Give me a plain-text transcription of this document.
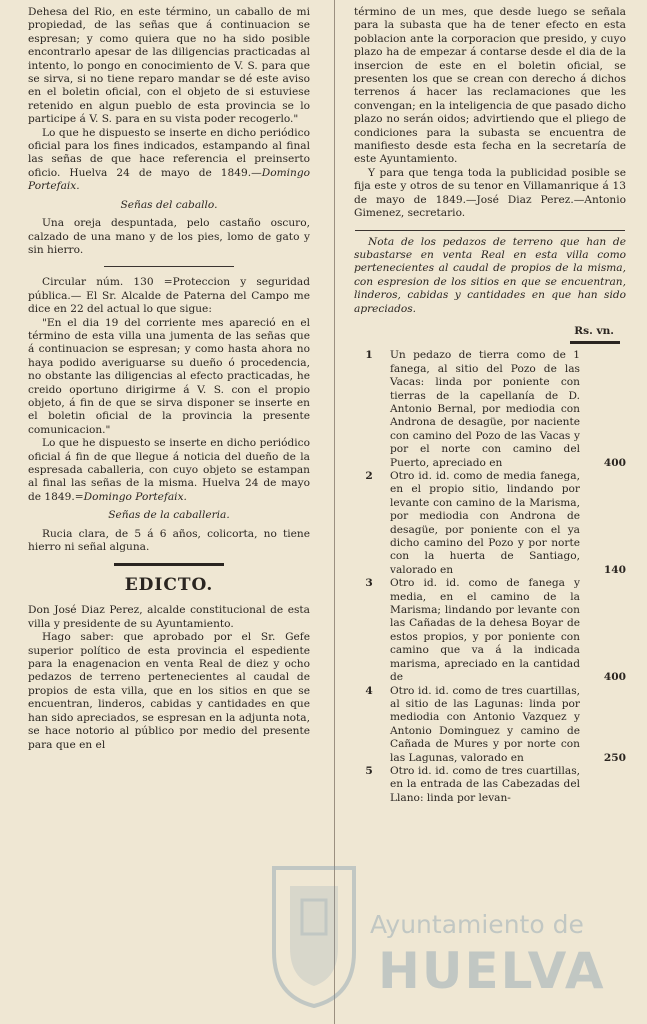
Dehesa del Rio, en este término, un caballo de mi propiedad, de las señas que á continuacion se espresan; y como quiera que no ha sido posible encontrarlo apesar de las diligencias practicadas al intento, lo pongo en conocimiento de V. S. para que se sirva, si no tiene reparo mandar se dé este aviso en el boletin oficial, con el objeto de si estuviese retenido en algun pueblo de esta provincia se lo participe á V. S. para en su vista poder recogerlo."

Lo que he dispuesto se inserte en dicho periódico oficial para los fines indicados, estampando al final las señas de que hace referencia el preinserto oficio. Huelva 24 de mayo de 1849.—Domingo Portefaix.

Señas del caballo.

Una oreja despuntada, pelo castaño oscuro, calzado de una mano y de los pies, lomo de gato y sin hierro.

Circular núm. 130 =Proteccion y seguridad pública.— El Sr. Alcalde de Paterna del Campo me dice en 22 del actual lo que sigue:

"En el dia 19 del corriente mes apareció en el término de esta villa una jumenta de las señas que á continuacion se espresan; y como hasta ahora no haya podido averiguarse su dueño ó procedencia, no obstante las diligencias al efecto practicadas, he creido oportuno dirigirme á V. S. con el propio objeto, á fin de que se sirva disponer se inserte en el boletin oficial de la provincia la presente comunicacion."

Lo que he dispuesto se inserte en dicho periódico oficial á fin de que llegue á noticia del dueño de la espresada caballeria, con cuyo objeto se estampan al final las señas de la misma. Huelva 24 de mayo de 1849.=Domingo Portefaix.

Señas de la caballeria.

Rucia clara, de 5 á 6 años, colicorta, no tiene hierro ni señal alguna.

EDICTO.

Don José Diaz Perez, alcalde constitucional de esta villa y presidente de su Ayuntamiento.

Hago saber: que aprobado por el Sr. Gefe superior político de esta provincia el espediente para la enagenacion en venta Real de diez y ocho pedazos de terreno pertenecientes al caudal de propios de esta villa, que en los sitios en que se encuentran, linderos, cabidas y cantidades en que han sido apreciados, se espresan en la adjunta nota, se hace notorio al público por medio del presente para que en el

término de un mes, que desde luego se señala para la subasta que ha de tener efecto en esta poblacion ante la corporacion que presido, y cuyo plazo ha de empezar á contarse desde el dia de la insercion de este en el boletin oficial, se presenten los que se crean con derecho á dichos terrenos á hacer las reclamaciones que les convengan; en la inteligencia de que pasado dicho plazo no serán oidos; advirtiendo que el pliego de condiciones para la subasta se encuentra de manifiesto desde esta fecha en la secretaría de este Ayuntamiento.

Y para que tenga toda la publicidad posible se fija este y otros de su tenor en Villamanrique á 13 de mayo de 1849.—José Diaz Perez.—Antonio Gimenez, secretario.

Nota de los pedazos de terreno que han de subastarse en venta Real en esta villa como pertenecientes al caudal de propios de la misma, con espresion de los sitios en que se encuentran, linderos, cabidas y cantidades en que han sido apreciados.

Rs. vn.

1	Un pedazo de tierra como de 1 fanega, al sitio del Pozo de las Vacas: linda por poniente con tierras de la capellanía de D. Antonio Bernal, por mediodia con Androna de desagüe, por naciente con camino del Pozo de las Vacas y por el norte con camino del Puerto, apreciado en	400
2	Otro id. id. como de media fanega, en el propio sitio, lindando por levante con camino de la Marisma, por mediodia con Androna de desagüe, por poniente con el ya dicho camino del Pozo y por norte con la huerta de Santiago, valorado en	140
3	Otro id. id. como de fanega y media, en el camino de la Marisma; lindando por levante con las Cañadas de la dehesa Boyar de estos propios, y por poniente con camino que va á la indicada marisma, apreciado en la cantidad de	400
4	Otro id. id. como de tres cuartillas, al sitio de las Lagunas: linda por mediodia con Antonio Vazquez y Antonio Dominguez y camino de Cañada de Mures y por norte con las Lagunas, valorado en	250
5	Otro id. id. como de tres cuartillas, en la entrada de las Cabezadas del Llano: linda por levan-
Ayuntamiento de
HUELVA
